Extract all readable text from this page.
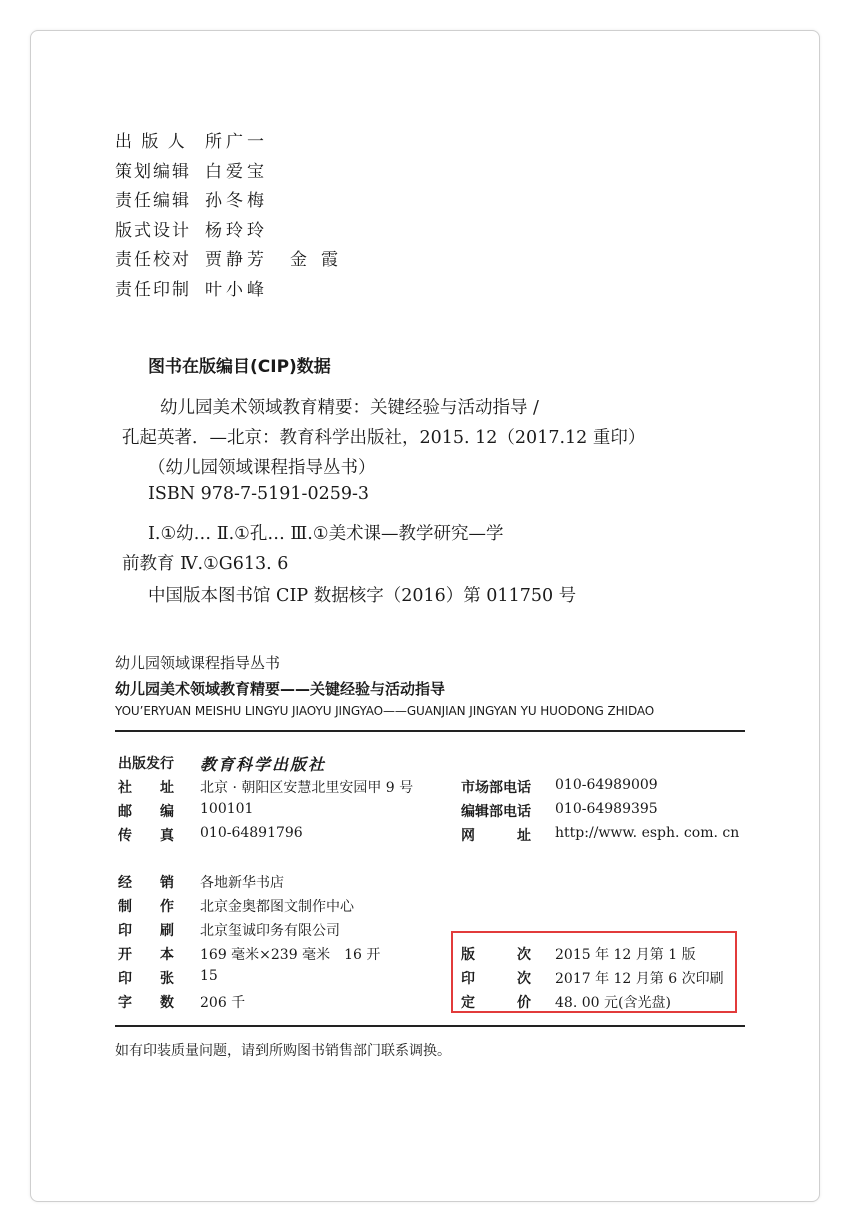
出 版 人 所广一
策划编辑 白爱宝
责任编辑 孙冬梅
版式设计 杨玲玲
责任校对 贾静芳 金霞
责任印制 叶小峰
图书在版编目(CIP)数据
幼儿园美术领域教育精要：关键经验与活动指导 /
孔起英著．—北京：教育科学出版社，2015. 12（2017.12 重印）
（幼儿园领域课程指导丛书）
ISBN 978-7-5191-0259-3
Ⅰ.①幼… Ⅱ.①孔… Ⅲ.①美术课—教学研究—学
前教育 Ⅳ.①G613. 6
中国版本图书馆 CIP 数据核字（2016）第 011750 号
幼儿园领域课程指导丛书
幼儿园美术领域教育精要——关键经验与活动指导
YOU’ERYUAN MEISHU LINGYU JIAOYU JINGYAO——GUANJIAN JINGYAN YU HUODONG ZHIDAO
出版发行 教育科学出版社
社　　址 北京 · 朝阳区安慧北里安园甲 9 号	市场部电话 010-64989009
邮　　编 100101	编辑部电话 010-64989395
传　　真 010-64891796	网　　　址 http://www. esph. com. cn
经　　销 各地新华书店
制　　作 北京金奥都图文制作中心
印　　刷 北京玺诚印务有限公司
开　　本 169 毫米×239 毫米　16 开
印　　张 15
字　　数 206 千
版　　　次 2015 年 12 月第 1 版
印　　　次 2017 年 12 月第 6 次印刷
定　　　价 48. 00 元(含光盘)
如有印装质量问题，请到所购图书销售部门联系调换。
